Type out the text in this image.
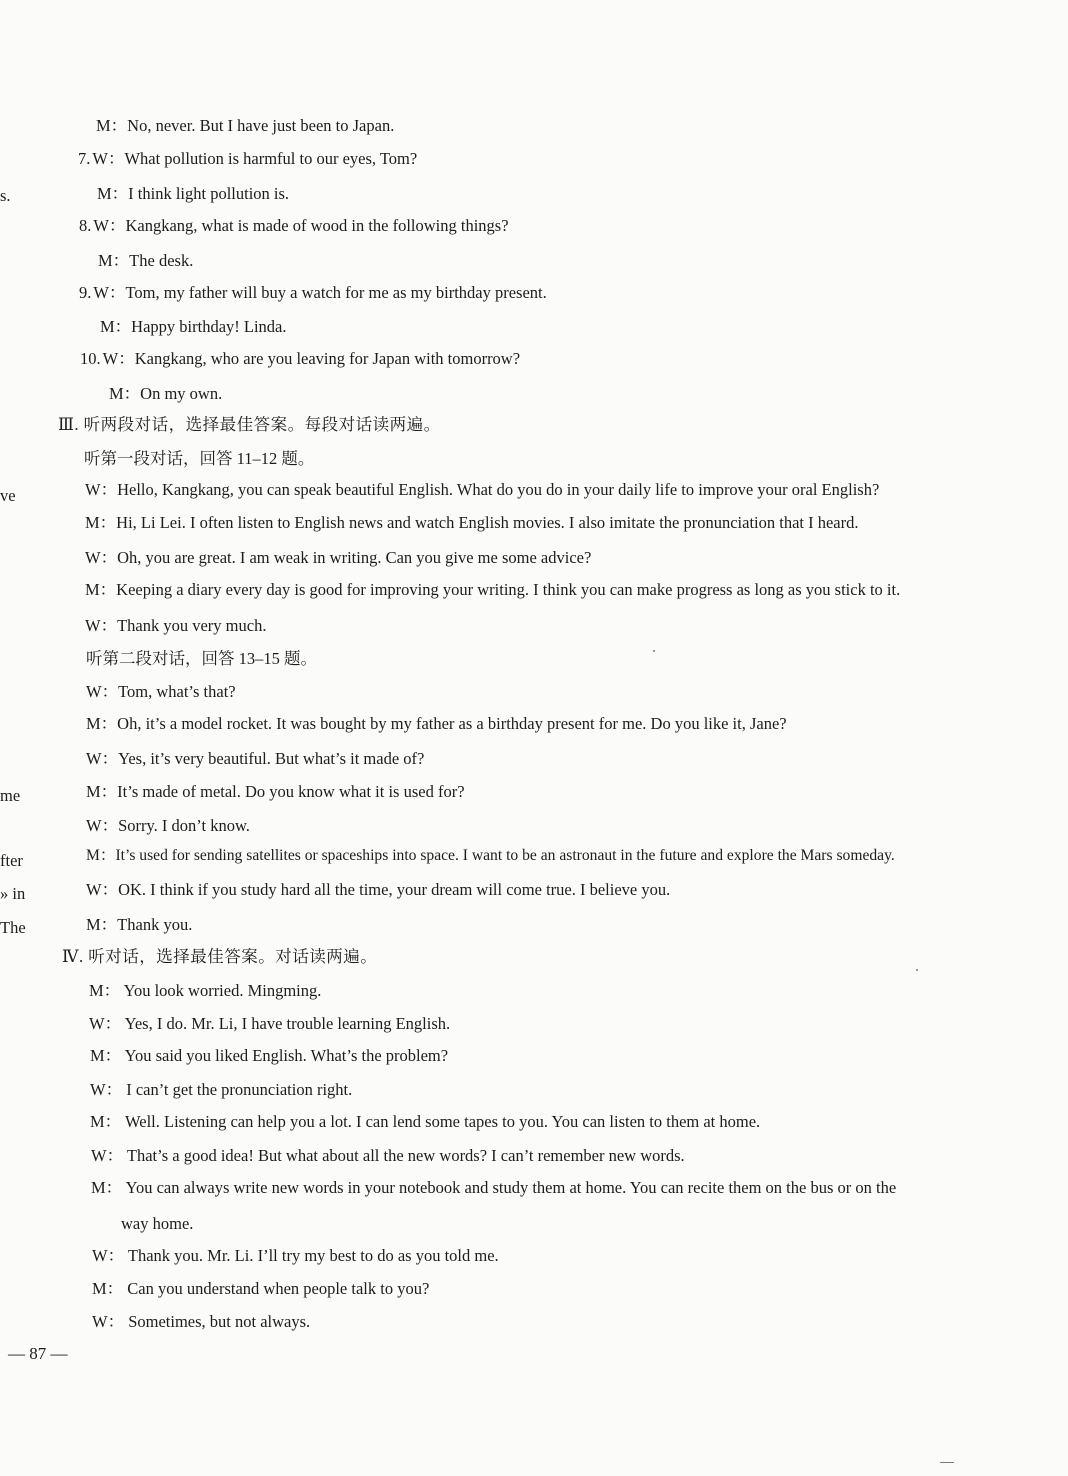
s.
ve
me
fter
» in
The
M：No, never. But I have just been to Japan.
7. W：What pollution is harmful to our eyes, Tom?
M：I think light pollution is.
8. W：Kangkang, what is made of wood in the following things?
M：The desk.
9. W：Tom, my father will buy a watch for me as my birthday present.
M：Happy birthday! Linda.
10. W：Kangkang, who are you leaving for Japan with tomorrow?
M：On my own.
Ⅲ. 听两段对话，选择最佳答案。每段对话读两遍。
听第一段对话，回答 11–12 题。
W：Hello, Kangkang, you can speak beautiful English. What do you do in your daily life to improve your oral English?
M：Hi, Li Lei. I often listen to English news and watch English movies. I also imitate the pronunciation that I heard.
W：Oh, you are great. I am weak in writing. Can you give me some advice?
M：Keeping a diary every day is good for improving your writing. I think you can make progress as long as you stick to it.
W：Thank you very much.
听第二段对话，回答 13–15 题。
W：Tom, what’s that?
M：Oh, it’s a model rocket. It was bought by my father as a birthday present for me. Do you like it, Jane?
W：Yes, it’s very beautiful. But what’s it made of?
M：It’s made of metal. Do you know what it is used for?
W：Sorry. I don’t know.
M：It’s used for sending satellites or spaceships into space. I want to be an astronaut in the future and explore the Mars someday.
W：OK. I think if you study hard all the time, your dream will come true. I believe you.
M：Thank you.
Ⅳ. 听对话，选择最佳答案。对话读两遍。
M： You look worried. Mingming.
W： Yes, I do. Mr. Li, I have trouble learning English.
M： You said you liked English. What’s the problem?
W： I can’t get the pronunciation right.
M： Well. Listening can help you a lot. I can lend some tapes to you. You can listen to them at home.
W： That’s a good idea! But what about all the new words? I can’t remember new words.
M： You can always write new words in your notebook and study them at home. You can recite them on the bus or on the
way home.
W： Thank you. Mr. Li. I’ll try my best to do as you told me.
M： Can you understand when people talk to you?
W： Sometimes, but not always.
— 87 —
